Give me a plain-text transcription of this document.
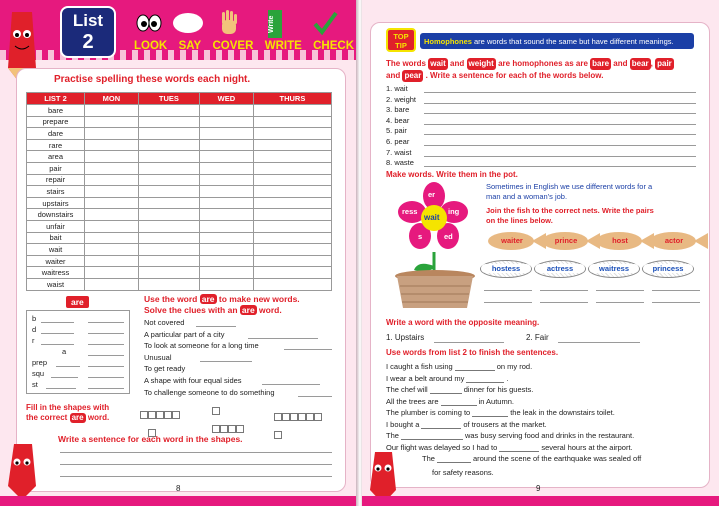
List
2
Write
LOOK SAY COVER WRITE CHECK
Practise spelling these words each night.
LIST 2	MON	TUES	WED	THURS
bare				
prepare				
dare				
rare				
area				
pair				
repair				
stairs				
upstairs				
downstairs				
unfair				
bait				
wait				
waiter				
waitress				
waist				
are
b
d
r
a
prep
squ
st
Use the word are to make new words.
Solve the clues with an are word.
Not covered
A particular part of a city
To look at someone for a long time
Unusual
To get ready
A shape with four equal sides
To challenge someone to do something
Fill in the shapes with
the correct are word.

Write a sentence for each word in the shapes.
8
TOP TIP	Homophones are words that sound the same but have different meanings.
The words wait and weight are homophones as are bare and bear , pair
and pear . Write a sentence for each of the words below.
1. wait
2. weight
3. bare
4. bear
5. pair
6. pear
7. waist
8. waste
Make words. Write them in the pot.
wait
er
ing
ress
ed
s
Sometimes in English we use different words for a
man and a woman's job.
Join the fish to the correct nets. Write the pairs
on the lines below.
waiter	prince	host	actor
hostess	actress	waitress	princess
Write a word with the opposite meaning.
1. Upstairs	2. Fair
Use words from list 2 to finish the sentences.
I caught a fish using	on my rod.
I wear a belt around my	.
The chef will	dinner for his guests.
All the trees are	in Autumn.
The plumber is coming to	the leak in the downstairs toilet.
I bought a	of trousers at the market.
The	was busy serving food and drinks in the restaurant.
Our flight was delayed so I had to	several hours at the airport.
The	around the scene of the earthquake was sealed off
for safety reasons.
9
